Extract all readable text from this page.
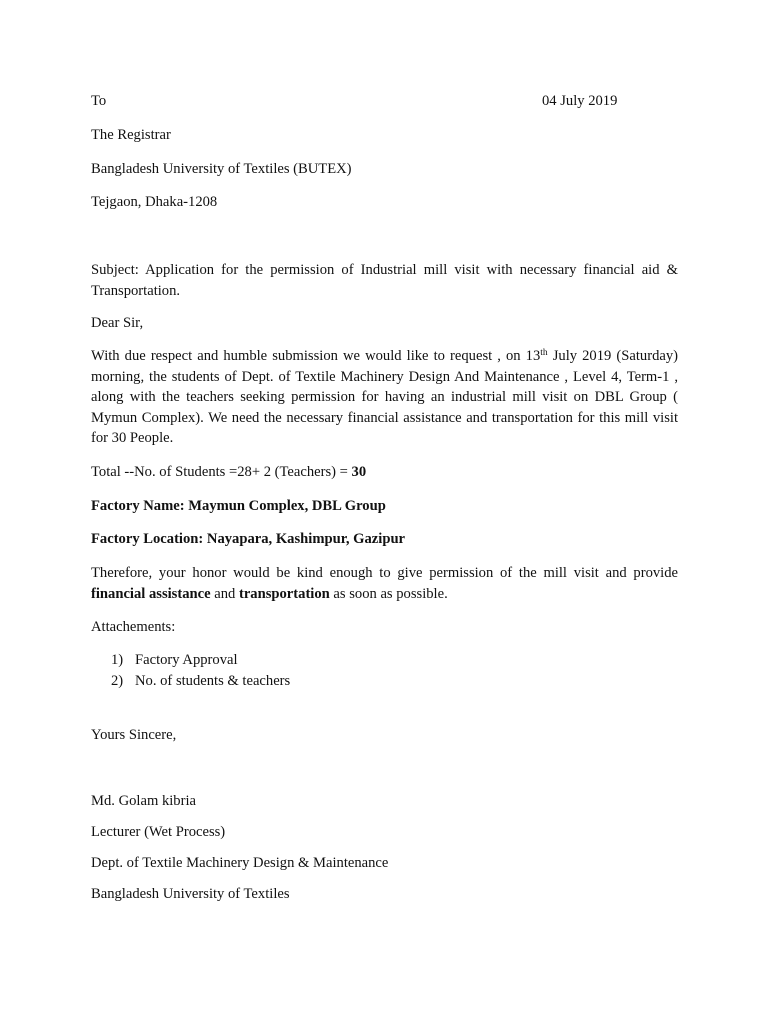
To	04 July 2019
The Registrar
Bangladesh University of Textiles (BUTEX)
Tejgaon, Dhaka-1208
Subject: Application for the permission of Industrial mill visit with necessary financial aid & Transportation.
Dear Sir,
With due respect and humble submission we would like to request , on 13th July 2019 (Saturday) morning, the students of Dept. of Textile Machinery Design And Maintenance , Level 4, Term-1 , along with the teachers seeking permission for having an industrial mill visit on DBL Group ( Mymun Complex). We need the necessary financial assistance and transportation for this mill visit for 30 People.
Total --No. of Students =28+ 2 (Teachers) = 30
Factory Name: Maymun Complex, DBL Group
Factory Location: Nayapara, Kashimpur, Gazipur
Therefore, your honor would be kind enough to give permission of the mill visit and provide financial assistance and transportation as soon as possible.
Attachements:
1) Factory Approval
2) No. of students & teachers
Yours Sincere,
Md. Golam kibria
Lecturer (Wet Process)
Dept. of Textile Machinery Design & Maintenance
Bangladesh University of Textiles
